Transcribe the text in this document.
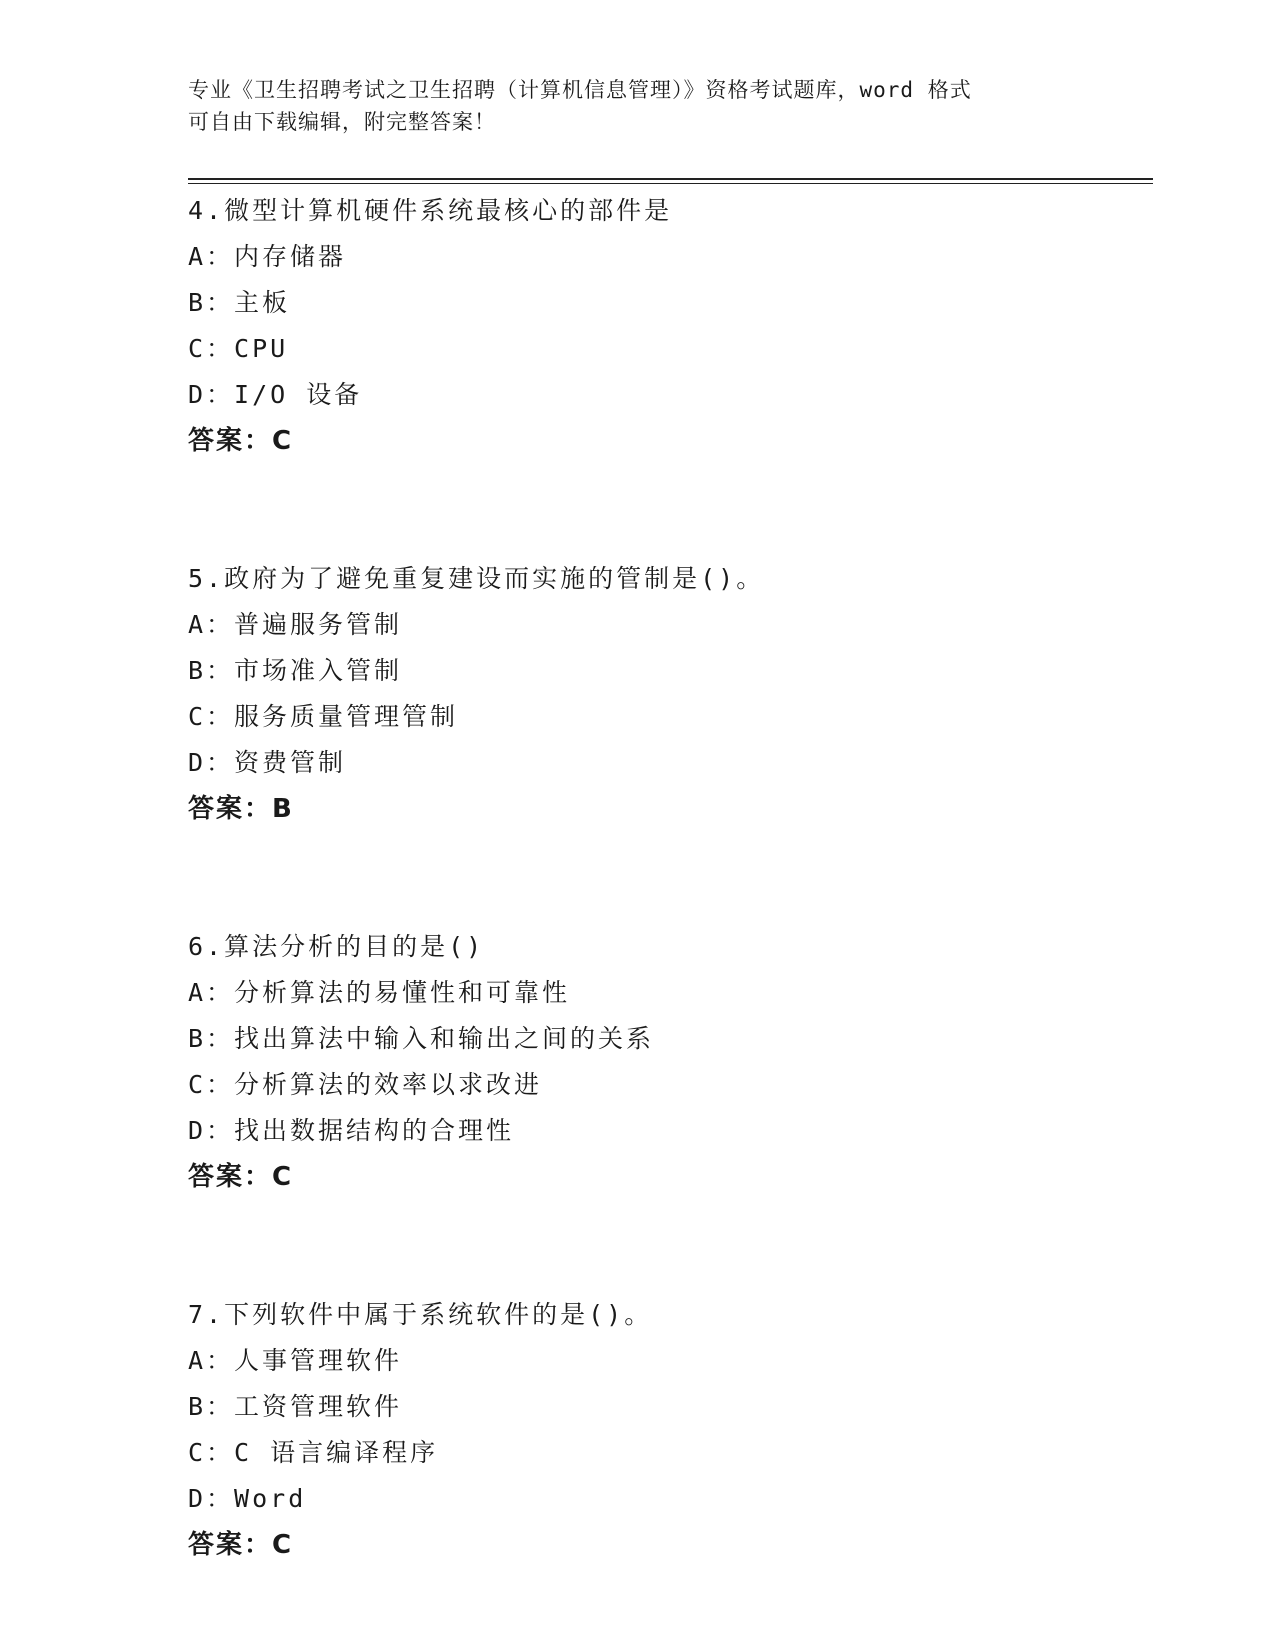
专业《卫生招聘考试之卫生招聘（计算机信息管理）》资格考试题库，word 格式
可自由下载编辑，附完整答案！
4.微型计算机硬件系统最核心的部件是
A：内存储器
B：主板
C：CPU
D：I/O 设备
答案：C
5.政府为了避免重复建设而实施的管制是()。
A：普遍服务管制
B：市场准入管制
C：服务质量管理管制
D：资费管制
答案：B
6.算法分析的目的是()
A：分析算法的易懂性和可靠性
B：找出算法中输入和输出之间的关系
C：分析算法的效率以求改进
D：找出数据结构的合理性
答案：C
7.下列软件中属于系统软件的是()。
A：人事管理软件
B：工资管理软件
C：C 语言编译程序
D：Word
答案：C
